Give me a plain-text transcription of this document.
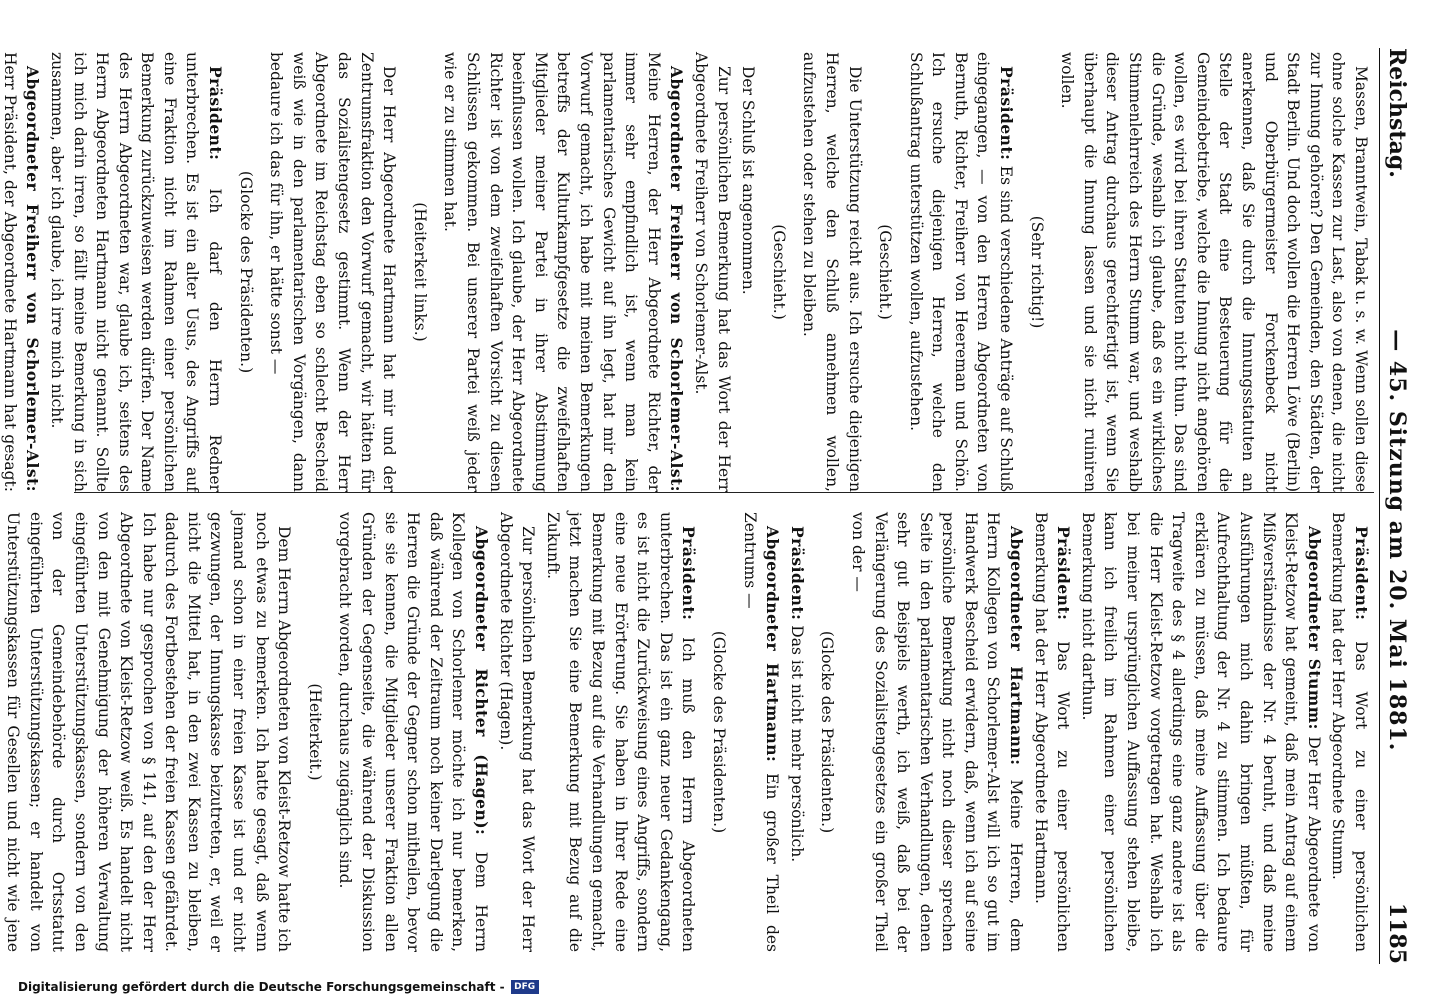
Reichstag.
— 45. Sitzung am 20. Mai 1881.
1185

Massen, Branntwein, Tabak u. s. w. Wenn sollen diese ohne solche Kassen zur Last, also von denen, die nicht zur Innung gehören? Den Gemeinden, den Städten, der Stadt Berlin. Und doch wollen die Herren Löwe (Berlin) und Oberbürgermeister Forckenbeck nicht anerkennen, daß Sie durch die Innungsstatuten an Stelle der Stadt eine Besteuerung für die Gemeindebetriebe, welche die Innung nicht angehören wollen, es wird bei ihren Statuten nicht thun. Das sind die Gründe, weshalb ich glaube, daß es ein wirkliches Stimmenlehrreich des Herrn Stumm war, und weshalb dieser Antrag durchaus gerechtfertigt ist, wenn Sie überhaupt die Innung lassen und sie nicht ruiniren wollen.

(Sehr richtig!)

Präsident: Es sind verschiedene Anträge auf Schluß eingegangen, — von den Herren Abgeordneten von Bernuth, Richter, Freiherr von Heereman und Schön. Ich ersuche diejenigen Herren, welche den Schlußantrag unterstützen wollen, aufzustehen.

(Geschieht.)

Die Unterstützung reicht aus. Ich ersuche diejenigen Herren, welche den Schluß annehmen wollen, aufzustehen oder stehen zu bleiben.

(Geschieht.)

Der Schluß ist angenommen.

Zur persönlichen Bemerkung hat das Wort der Herr Abgeordnete Freiherr von Schorlemer-Alst.

Abgeordneter Freiherr von Schorlemer-Alst: Meine Herren, der Herr Abgeordnete Richter, der immer sehr empfindlich ist, wenn man kein parlamentarisches Gewicht auf ihn legt, hat mir den Vorwurf gemacht, ich habe mit meinen Bemerkungen betreffs der Kulturkampfgesetze die zweifelhaften Mitglieder meiner Partei in ihrer Abstimmung beeinflussen wollen. Ich glaube, der Herr Abgeordnete Richter ist von dem zweifelhaften Vorsicht zu diesen Schlüssen gekommen. Bei unserer Partei weiß jeder wie er zu stimmen hat.

(Heiterkeit links.)

Der Herr Abgeordnete Hartmann hat mir und der Zentrumsfraktion den Vorwurf gemacht, wir hätten für das Sozialistengesetz gestimmt. Wenn der Herr Abgeordnete im Reichstag eben so schlecht Bescheid weiß wie in den parlamentarischen Vorgängen, dann bedaure ich das für ihn, er hätte sonst —

(Glocke des Präsidenten.)

Präsident: Ich darf den Herrn Redner unterbrechen. Es ist ein alter Usus, des Angriffs auf eine Fraktion nicht im Rahmen einer persönlichen Bemerkung zurückzuweisen werden dürfen. Der Name des Herrn Abgeordneten war, glaube ich, seitens des Herrn Abgeordneten Hartmann nicht genannt. Sollte ich mich darin irren, so fällt meine Bemerkung in sich zusammen, aber ich glaube, ich irre mich nicht.

Abgeordneter Freiherr von Schorlemer-Alst: Herr Präsident, der Abgeordnete Hartmann hat gesagt:

Präsident: Das Wort zu einer persönlichen Bemerkung hat der Herr Abgeordnete Stumm.

Abgeordneter Stumm: Der Herr Abgeordnete von Kleist-Retzow hat gemeint, daß mein Antrag auf einem Mißverständnisse der Nr. 4 beruht, und daß meine Ausführungen mich dahin bringen müßten, für Aufrechthaltung der Nr. 4 zu stimmen. Ich bedaure erklären zu müssen, daß meine Auffassung über die Tragweite des § 4 allerdings eine ganz andere ist als die Herr Kleist-Retzow vorgetragen hat. Weshalb ich bei meiner ursprünglichen Auffassung stehen bleibe, kann ich freilich im Rahmen einer persönlichen Bemerkung nicht darthun.

Präsident: Das Wort zu einer persönlichen Bemerkung hat der Herr Abgeordnete Hartmann.

Abgeordneter Hartmann: Meine Herren, dem Herrn Kollegen von Schorlemer-Alst will ich so gut im Handwerk Bescheid erwidern, daß, wenn ich auf seine persönliche Bemerkung nicht noch dieser sprechen Seite in den parlamentarischen Verhandlungen, denen sehr gut Beispiels werth, ich weiß, daß bei der Verlängerung des Sozialistengesetzes ein großer Theil von der —

(Glocke des Präsidenten.)

Präsident: Das ist nicht mehr persönlich.

Abgeordneter Hartmann: Ein großer Theil des Zentrums —

(Glocke des Präsidenten.)

Präsident: Ich muß den Herrn Abgeordneten unterbrechen. Das ist ein ganz neuer Gedankengang, es ist nicht die Zurückweisung eines Angriffs, sondern eine neue Erörterung. Sie haben in Ihrer Rede eine Bemerkung mit Bezug auf die Verhandlungen gemacht, jetzt machen Sie eine Bemerkung mit Bezug auf die Zukunft.

Zur persönlichen Bemerkung hat das Wort der Herr Abgeordnete Richter (Hagen).

Abgeordneter Richter (Hagen): Dem Herrn Kollegen von Schorlemer möchte ich nur bemerken, daß während der Zeitraum noch keiner Darlegung die Herren die Gründe der Gegner schon mitheilen, bevor sie sie kennen, die Mitglieder unserer Fraktion allen Gründen der Gegenseite, die während der Diskussion vorgebracht worden, durchaus zugänglich sind.

(Heiterkeit.)

Dem Herrn Abgeordneten von Kleist-Retzow hatte ich noch etwas zu bemerken. Ich hatte gesagt, daß wenn jemand schon in einer freien Kasse ist und er nicht gezwungen, der Innungskasse beizutreten, er, weil er nicht die Mittel hat, in den zwei Kassen zu bleiben, dadurch des Fortbestehen der freien Kassen gefährdet. Ich habe nur gesprochen von § 141, auf den der Herr Abgeordnete von Kleist-Retzow weiß. Es handelt nicht von den mit Genehmigung der höheren Verwaltung eingeführten Unterstützungskassen, sondern von den von der Gemeindebehörde durch Ortsstatut eingeführten Unterstützungskassen; er handelt von Unterstützungskassen für Gesellen und nicht wie jene

Digitalisierung gefördert durch die Deutsche Forschungsgemeinschaft -	DFG
